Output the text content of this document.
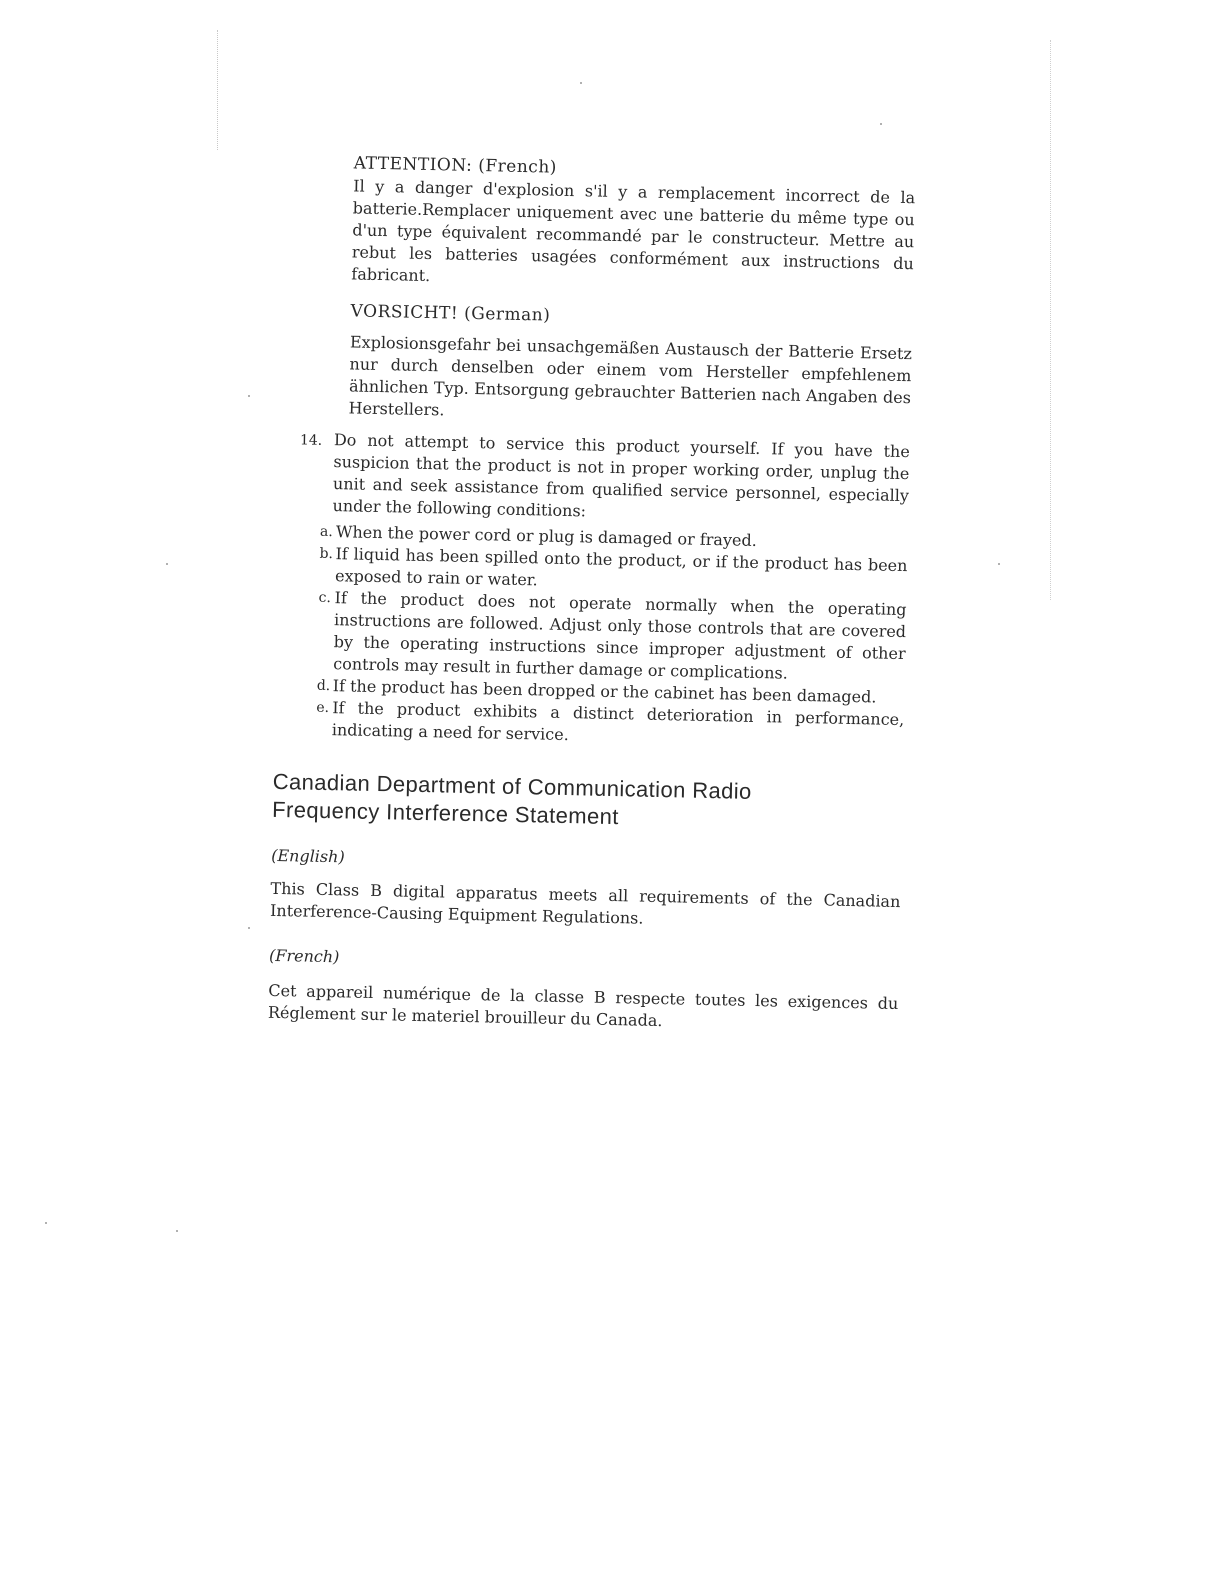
ATTENTION: (French)

Il y a danger d'explosion s'il y a remplacement incorrect de la batterie.Remplacer uniquement avec une batterie du même type ou d'un type équivalent recommandé par le constructeur. Mettre au rebut les batteries usagées conformément aux instructions du fabricant.

VORSICHT! (German)

Explosionsgefahr bei unsachgemäßen Austausch der Batterie Ersetz nur durch denselben oder einem vom Hersteller empfehlenem ähnlichen Typ. Entsorgung gebrauchter Batterien nach Angaben des Herstellers.

14. Do not attempt to service this product yourself. If you have the suspicion that the product is not in proper working order, unplug the unit and seek assistance from qualified service personnel, especially under the following conditions:

a. When the power cord or plug is damaged or frayed.
b. If liquid has been spilled onto the product, or if the product has been exposed to rain or water.
c. If the product does not operate normally when the operating instructions are followed. Adjust only those controls that are covered by the operating instructions since improper adjustment of other controls may result in further damage or complications.
d. If the product has been dropped or the cabinet has been damaged.
e. If the product exhibits a distinct deterioration in performance, indicating a need for service.

Canadian Department of Communication Radio

Frequency Interference Statement

(English)

This Class B digital apparatus meets all requirements of the Canadian Interference-Causing Equipment Regulations.

(French)

Cet appareil numérique de la classe B respecte toutes les exigences du Réglement sur le materiel brouilleur du Canada.
